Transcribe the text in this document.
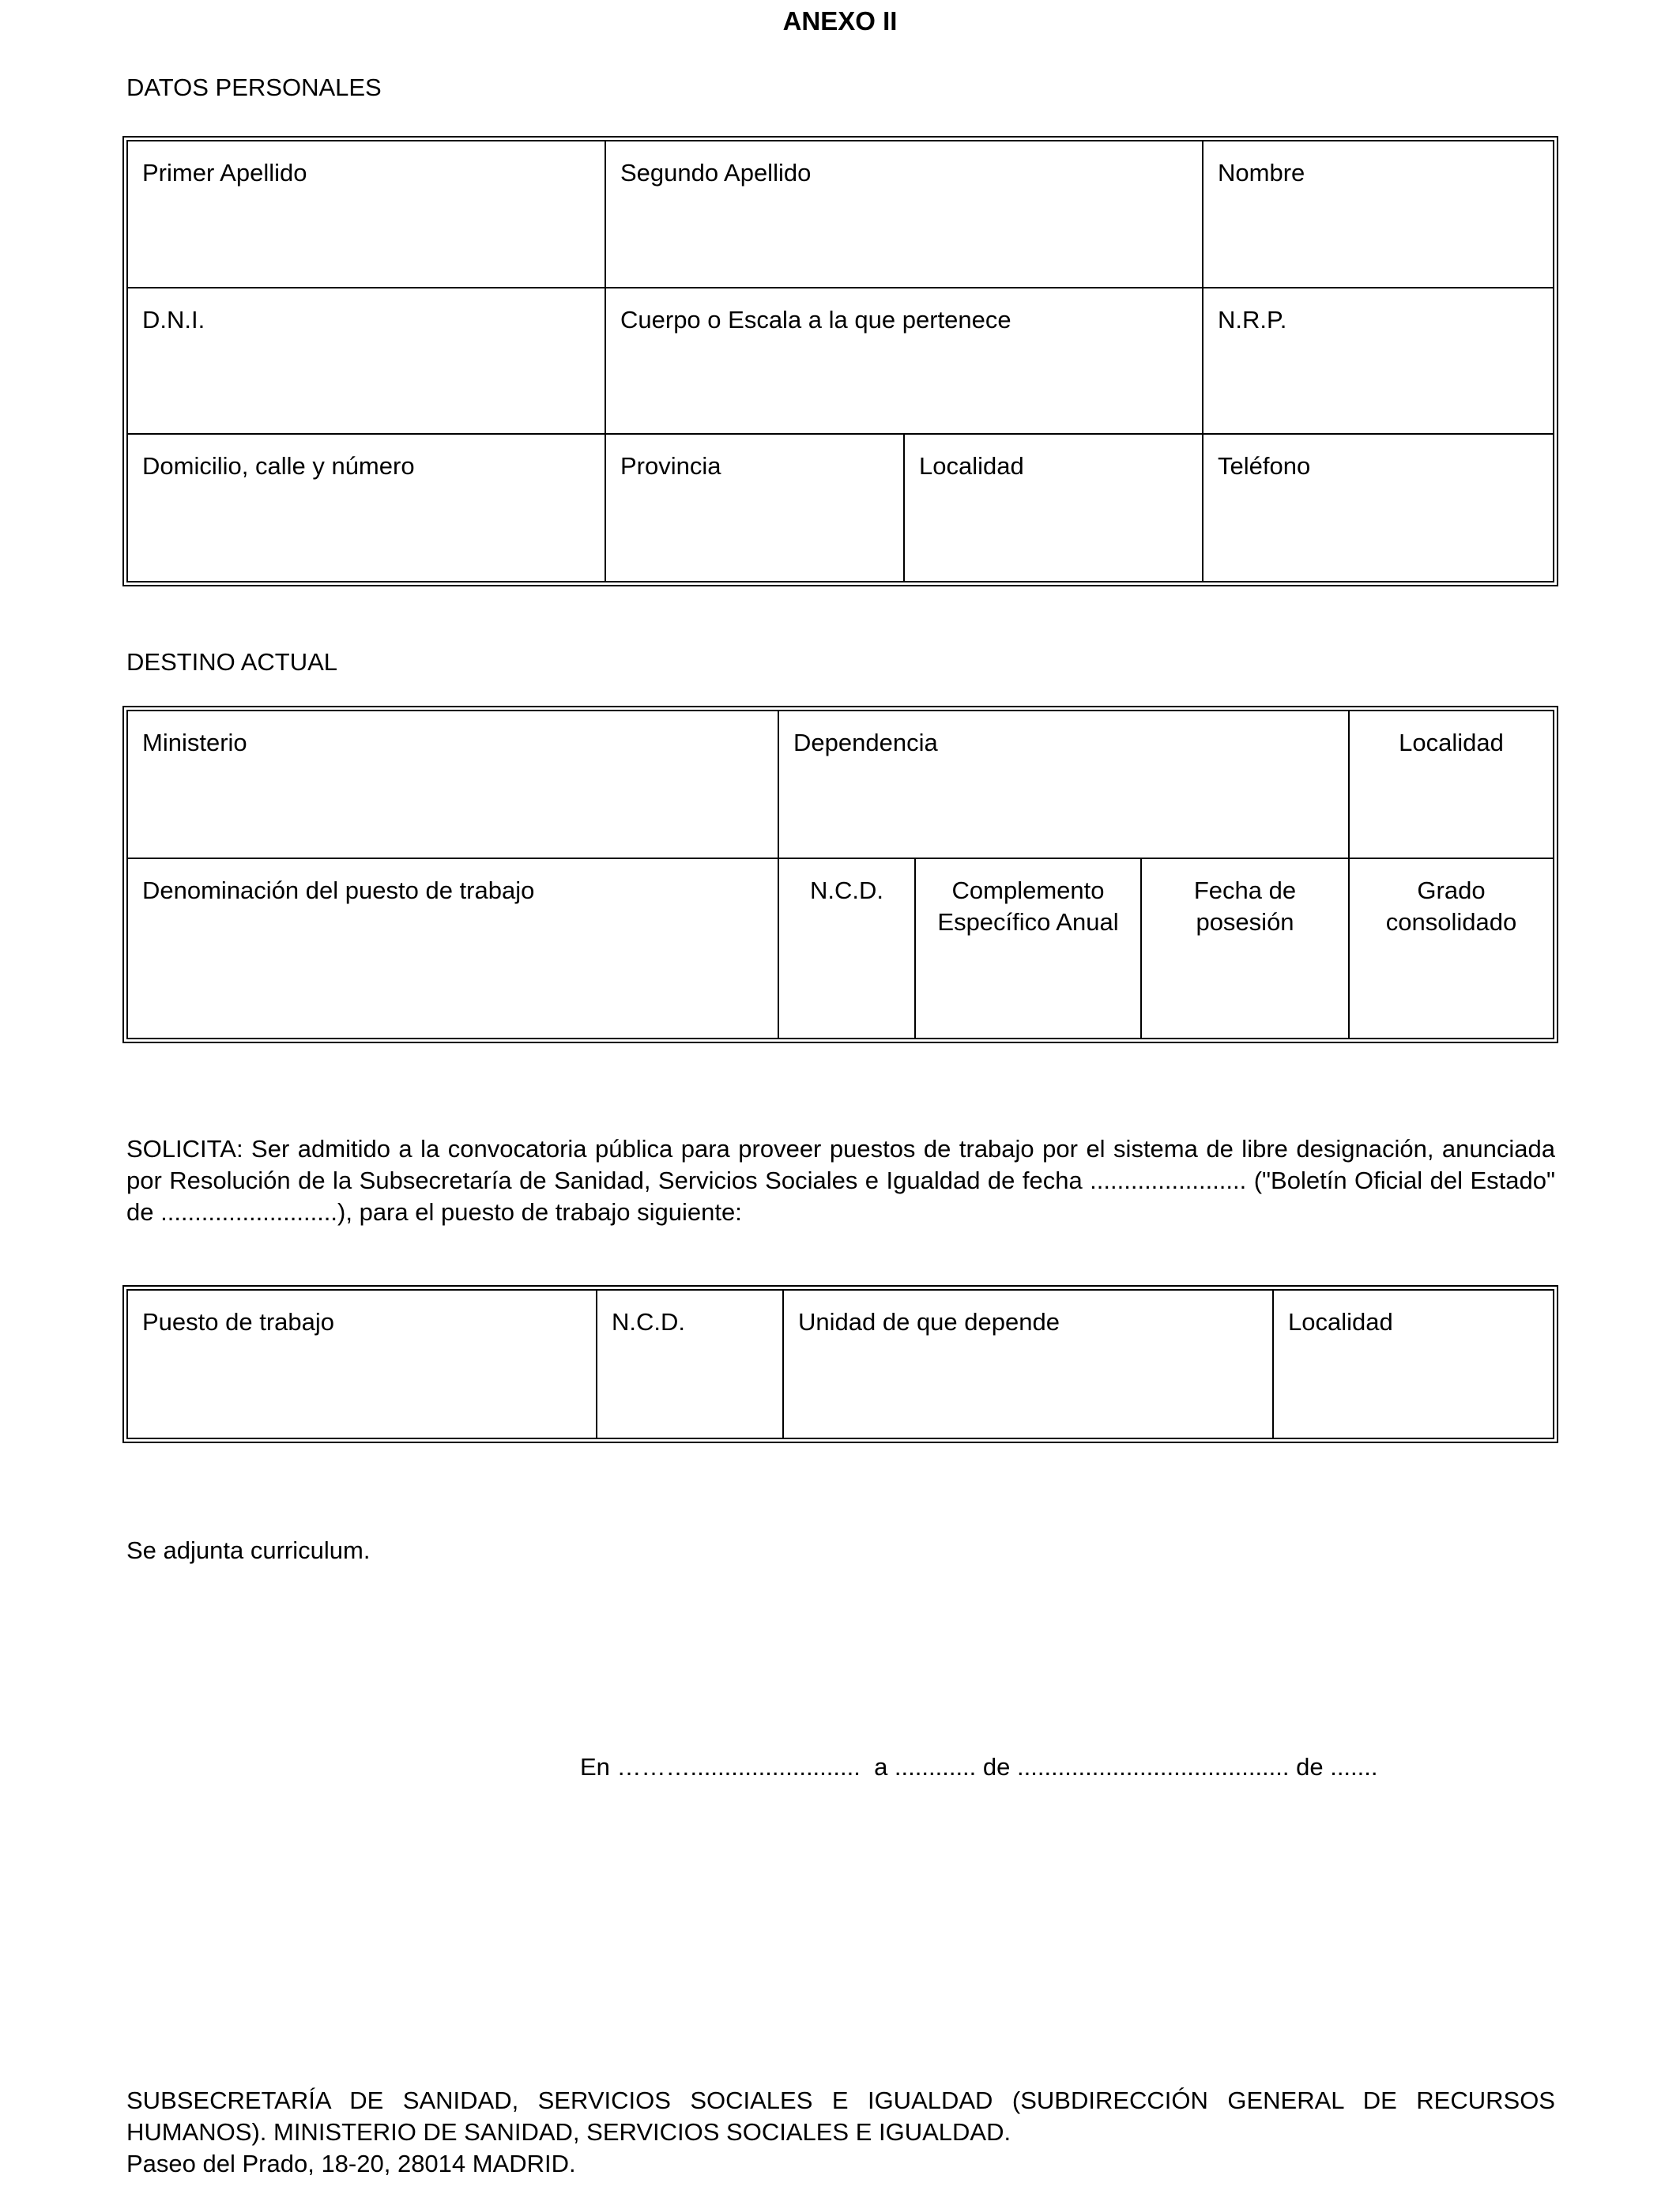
ANEXO II
DATOS PERSONALES
Primer Apellido	Segundo Apellido		Nombre
D.N.I.	Cuerpo o Escala a la que pertenece		N.R.P.
Domicilio, calle y número	Provincia	Localidad	Teléfono
DESTINO ACTUAL
Ministerio	Dependencia			Localidad
Denominación del puesto de trabajo	N.C.D.	Complemento Específico Anual	Fecha de posesión	Grado consolidado
SOLICITA: Ser admitido a la convocatoria pública para proveer puestos de trabajo por el sistema de libre designación, anunciada por Resolución de la Subsecretaría de Sanidad, Servicios Sociales e Igualdad de fecha ....................... ("Boletín Oficial del Estado" de ..........................), para el puesto de trabajo siguiente:
Puesto de trabajo	N.C.D.	Unidad de que depende	Localidad
Se adjunta curriculum.
En ……….........................  a ............ de ........................................ de .......
SUBSECRETARÍA DE SANIDAD, SERVICIOS SOCIALES E IGUALDAD (SUBDIRECCIÓN GENERAL DE RECURSOS HUMANOS). MINISTERIO DE SANIDAD, SERVICIOS SOCIALES E IGUALDAD.
Paseo del Prado, 18-20, 28014 MADRID.
